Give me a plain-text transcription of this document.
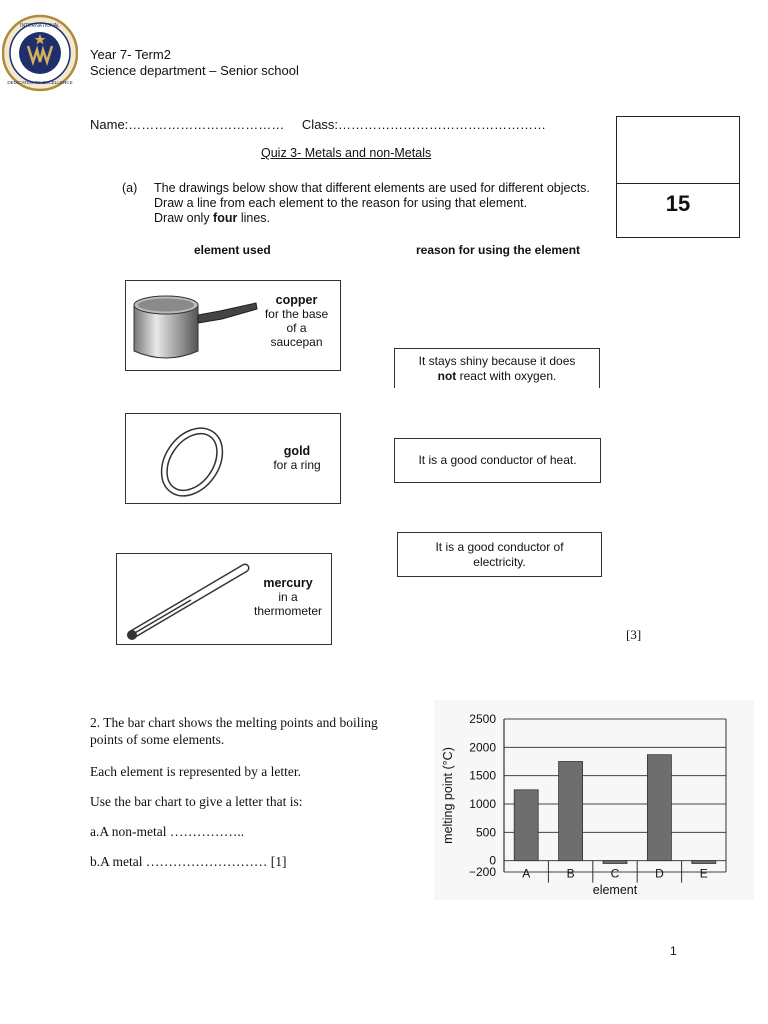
INTERNATIONAL
DEDICATED TO EXCELLENCE
Year 7- Term2
Science department – Senior school
Name:……………………………… Class:…………………………………………
Quiz 3- Metals and non-Metals
15
(a) The drawings below show that different elements are used for different objects.
Draw a line from each element to the reason for using that element.
Draw only four lines.
element used	reason for using the element
copper
for the base
of a
saucepan
gold
for a ring
mercury
in a
thermometer
It stays shiny because it does
not react with oxygen.
It is a good conductor of heat.
It is a good conductor of
electricity.
[3]
2. The bar chart shows the melting points and boiling
points of some elements.
Each element is represented by a letter.
Use the bar chart to give a letter that is:
a.A non-metal ……………..
b.A metal ……………………… [1]
2500
2000
1500
1000
500
0
−200 A	B	C	D	E
element
melting point (°C)
1
